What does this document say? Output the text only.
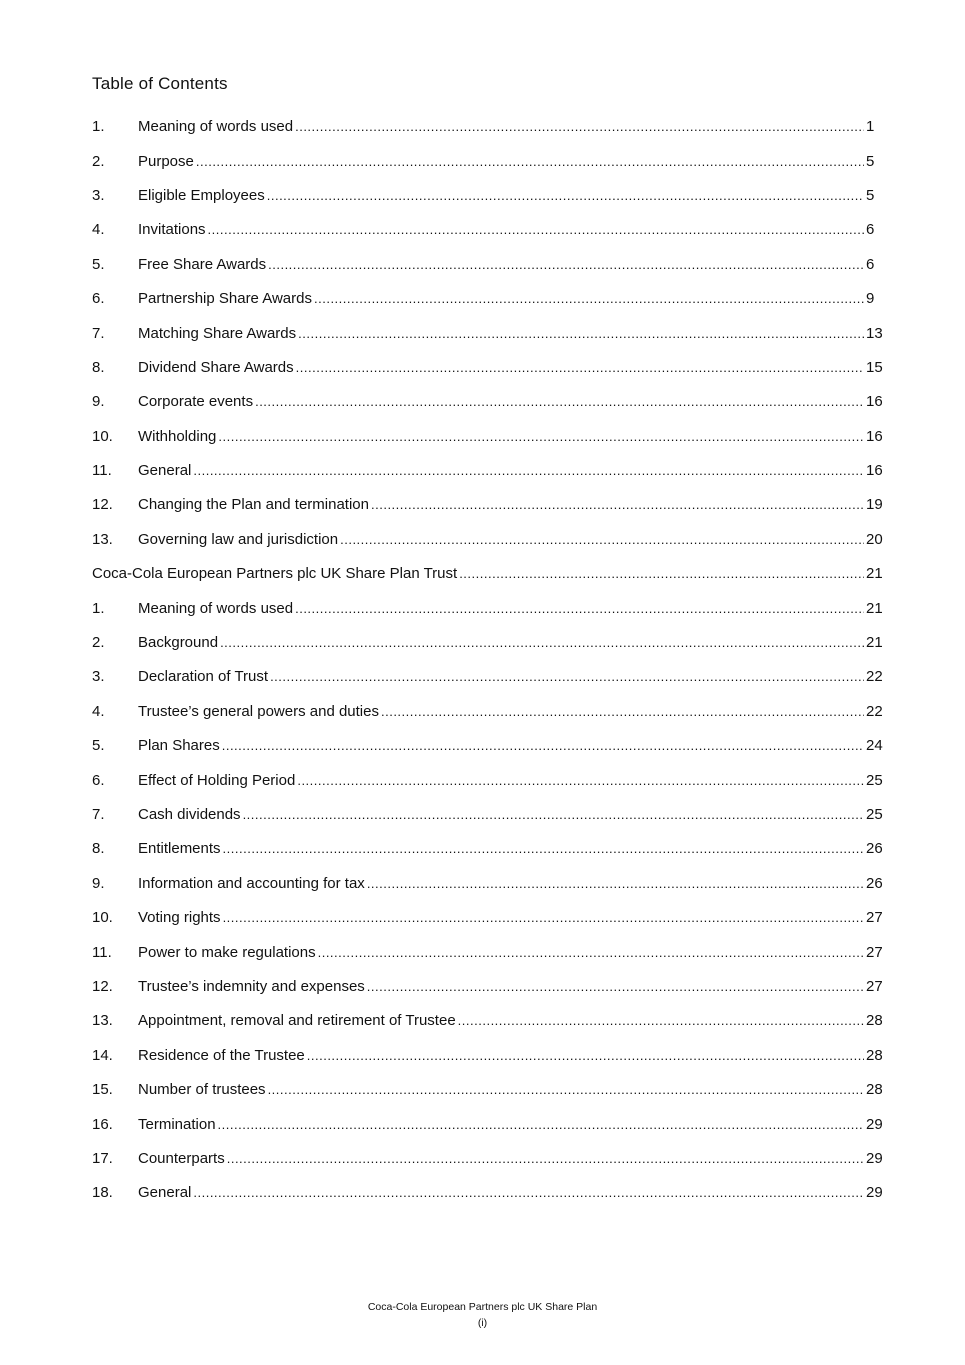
Table of Contents
1.	Meaning of words used .....	1
2.	Purpose .....	5
3.	Eligible Employees .....	5
4.	Invitations .....	6
5.	Free Share Awards .....	6
6.	Partnership Share Awards .....	9
7.	Matching Share Awards .....	13
8.	Dividend Share Awards .....	15
9.	Corporate events .....	16
10.	Withholding .....	16
11.	General .....	16
12.	Changing the Plan and termination .....	19
13.	Governing law and jurisdiction .....	20
Coca-Cola European Partners plc UK Share Plan Trust .....	21
1.	Meaning of words used .....	21
2.	Background .....	21
3.	Declaration of Trust .....	22
4.	Trustee’s general powers and duties .....	22
5.	Plan Shares .....	24
6.	Effect of Holding Period .....	25
7.	Cash dividends .....	25
8.	Entitlements .....	26
9.	Information and accounting for tax .....	26
10.	Voting rights .....	27
11.	Power to make regulations .....	27
12.	Trustee’s indemnity and expenses .....	27
13.	Appointment, removal and retirement of Trustee .....	28
14.	Residence of the Trustee .....	28
15.	Number of trustees .....	28
16.	Termination .....	29
17.	Counterparts .....	29
18.	General .....	29
Coca-Cola European Partners plc UK Share Plan
(i)
